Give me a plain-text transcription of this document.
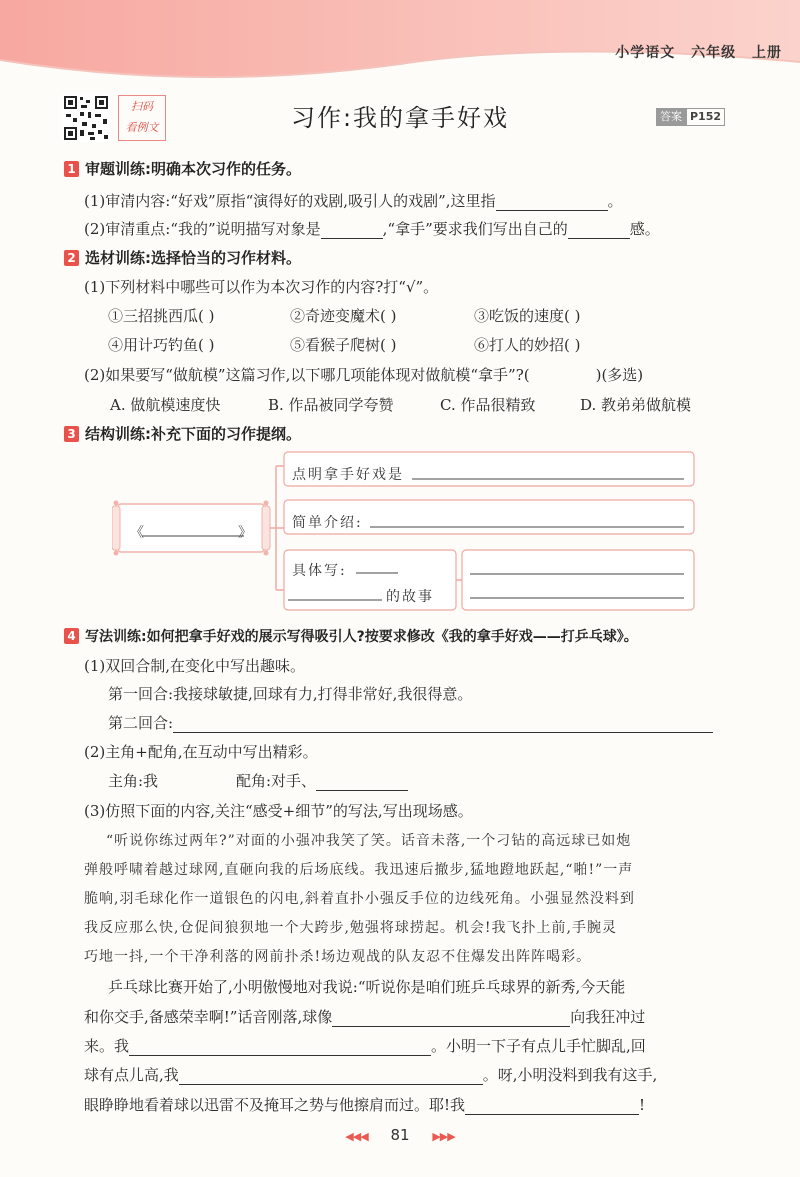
小学语文 六年级 上册
扫码
看例文	习作:我的拿手好戏	答案 P152
1 审题训练:明确本次习作的任务。
(1)审清内容:“好戏”原指“演得好的戏剧,吸引人的戏剧”,这里指	。
(2)审清重点:“我的”说明描写对象是	,“拿手”要求我们写出自己的	感。
2 选材训练:选择恰当的习作材料。
(1)下列材料中哪些可以作为本次习作的内容?打“√”。
①三招挑西瓜( )	②奇迹变魔术( )	③吃饭的速度( )
④用计巧钓鱼( )	⑤看猴子爬树( )	⑥打人的妙招( )
(2)如果要写“做航模”这篇习作,以下哪几项能体现对做航模“拿手”?(	)(多选)
A. 做航模速度快	B. 作品被同学夸赞	C. 作品很精致	D. 教弟弟做航模
3 结构训练:补充下面的习作提纲。
《	》
点明拿手好戏是
简单介绍:
具体写:
的故事
4 写法训练:如何把拿手好戏的展示写得吸引人?按要求修改《我的拿手好戏——打乒乓球》。
(1)双回合制,在变化中写出趣味。
第一回合:我接球敏捷,回球有力,打得非常好,我很得意。
第二回合:
(2)主角+配角,在互动中写出精彩。
主角:我	配角:对手、
(3)仿照下面的内容,关注“感受+细节”的写法,写出现场感。
“听说你练过两年?”对面的小强冲我笑了笑。话音未落,一个刁钻的高远球已如炮
弹般呼啸着越过球网,直砸向我的后场底线。我迅速后撤步,猛地蹬地跃起,“啪!”一声
脆响,羽毛球化作一道银色的闪电,斜着直扑小强反手位的边线死角。小强显然没料到
我反应那么快,仓促间狼狈地一个大跨步,勉强将球捞起。机会!我飞扑上前,手腕灵
巧地一抖,一个干净利落的网前扑杀!场边观战的队友忍不住爆发出阵阵喝彩。
乒乓球比赛开始了,小明傲慢地对我说:“听说你是咱们班乒乓球界的新秀,今天能
和你交手,备感荣幸啊!”话音刚落,球像	向我狂冲过
来。我	。小明一下子有点儿手忙脚乱,回
球有点儿高,我	。呀,小明没料到我有这手,
眼睁睁地看着球以迅雷不及掩耳之势与他擦肩而过。耶!我	!
◀◀◀ 81 ▶▶▶
